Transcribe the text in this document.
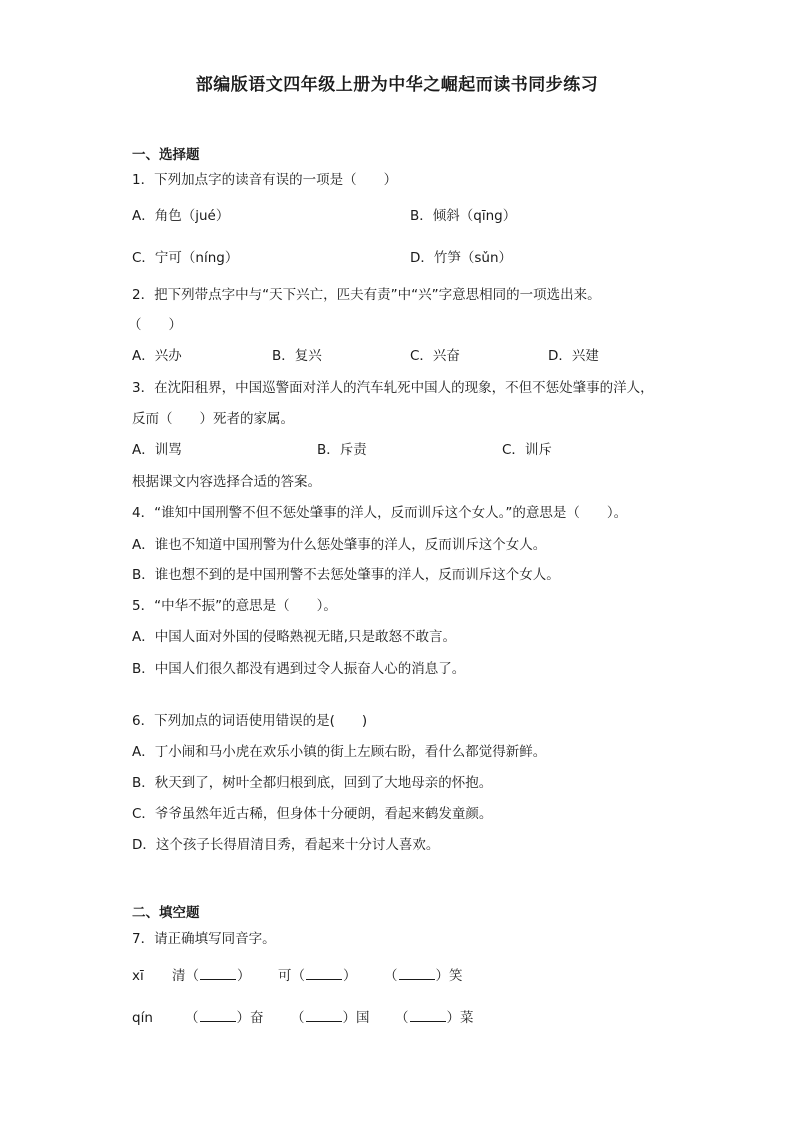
部编版语文四年级上册为中华之崛起而读书同步练习
一、选择题
1．下列加点字的读音有误的一项是（　　）
A．角色（jué）	B．倾斜（qīng）
C．宁可（níng）	D．竹笋（sǔn）
2．把下列带点字中与“天下兴亡，匹夫有责”中“兴”字意思相同的一项选出来。
（　　）
A．兴办	B．复兴	C．兴奋	D．兴建
3．在沈阳租界，中国巡警面对洋人的汽车轧死中国人的现象，不但不惩处肇事的洋人，
反而（　　）死者的家属。
A．训骂	B．斥责	C．训斥
根据课文内容选择合适的答案。
4．“谁知中国刑警不但不惩处肇事的洋人，反而训斥这个女人。”的意思是（　　）。
A．谁也不知道中国刑警为什么惩处肇事的洋人，反而训斥这个女人。
B．谁也想不到的是中国刑警不去惩处肇事的洋人，反而训斥这个女人。
5．“中华不振”的意思是（　　）。
A．中国人面对外国的侵略熟视无睹,只是敢怒不敢言。
B．中国人们很久都没有遇到过令人振奋人心的消息了。
6．下列加点的词语使用错误的是(　　)
A．丁小闹和马小虎在欢乐小镇的街上左顾右盼，看什么都觉得新鲜。
B．秋天到了，树叶全都归根到底，回到了大地母亲的怀抱。
C．爷爷虽然年近古稀，但身体十分硬朗，看起来鹤发童颜。
D．这个孩子长得眉清目秀，看起来十分讨人喜欢。
二、填空题
7．请正确填写同音字。
xī 清（	） 可（	） （	）笑
qín （	）奋 （	）国 （	）菜
